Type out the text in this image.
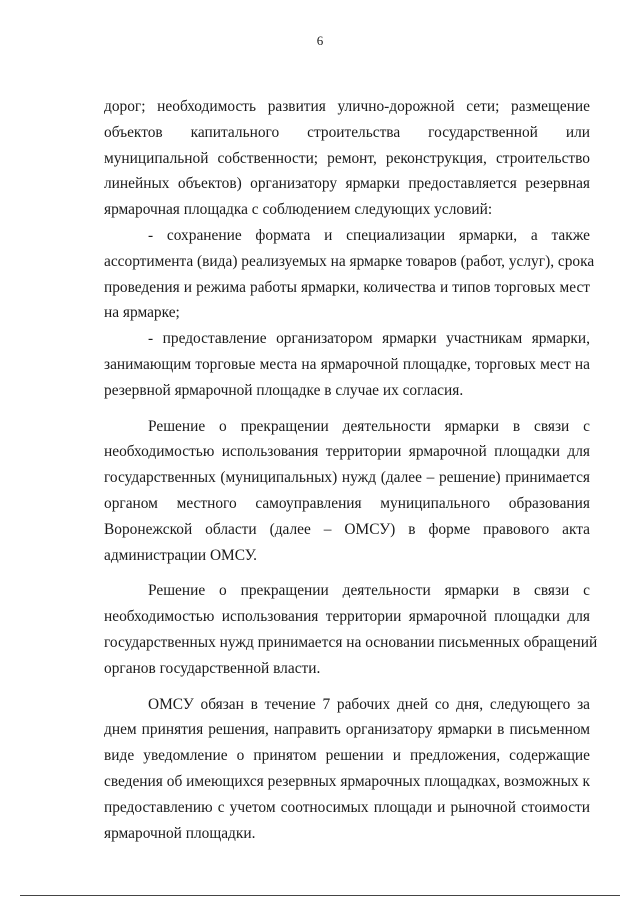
6
дорог; необходимость развития улично-дорожной сети; размещение
объектов капитального строительства государственной или
муниципальной собственности; ремонт, реконструкция, строительство
линейных объектов) организатору ярмарки предоставляется резервная
ярмарочная площадка с соблюдением следующих условий:
- сохранение формата и специализации ярмарки, а также
ассортимента (вида) реализуемых на ярмарке товаров (работ, услуг), срока
проведения и режима работы ярмарки, количества и типов торговых мест
на ярмарке;
- предоставление организатором ярмарки участникам ярмарки,
занимающим торговые места на ярмарочной площадке, торговых мест на
резервной ярмарочной площадке в случае их согласия.
Решение о прекращении деятельности ярмарки в связи с
необходимостью использования территории ярмарочной площадки для
государственных (муниципальных) нужд (далее – решение) принимается
органом местного самоуправления муниципального образования
Воронежской области (далее – ОМСУ) в форме правового акта
администрации ОМСУ.
Решение о прекращении деятельности ярмарки в связи с
необходимостью использования территории ярмарочной площадки для
государственных нужд принимается на основании письменных обращений
органов государственной власти.
ОМСУ обязан в течение 7 рабочих дней со дня, следующего за
днем принятия решения, направить организатору ярмарки в письменном
виде уведомление о принятом решении и предложения, содержащие
сведения об имеющихся резервных ярмарочных площадках, возможных к
предоставлению с учетом соотносимых площади и рыночной стоимости
ярмарочной площадки.
